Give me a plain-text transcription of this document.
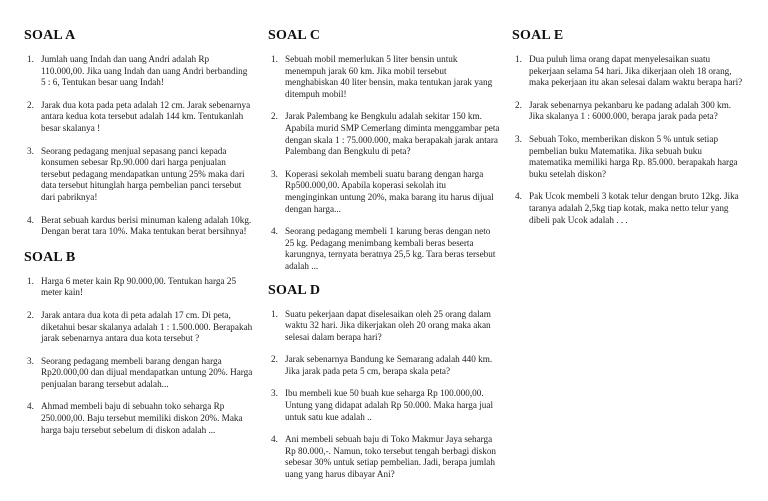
SOAL A
1. Jumlah uang Indah dan uang Andri adalah Rp 110.000,00. Jika uang Indah dan uang Andri berbanding 5 : 6, Tentukan besar uang Indah!
2. Jarak dua kota pada peta adalah 12 cm. Jarak sebenarnya antara kedua kota tersebut adalah 144 km. Tentukanlah besar skalanya !
3. Seorang pedagang menjual sepasang panci kepada konsumen sebesar Rp.90.000 dari harga penjualan tersebut pedagang mendapatkan untung 25% maka dari data tersebut hitunglah harga pembelian panci tersebut dari pabriknya!
4. Berat sebuah kardus berisi minuman kaleng adalah 10kg. Dengan berat tara 10%. Maka tentukan berat bersihnya!
SOAL B
1. Harga 6 meter kain Rp 90.000,00. Tentukan harga 25 meter kain!
2. Jarak antara dua kota di peta adalah 17 cm. Di peta, diketahui besar skalanya adalah 1 : 1.500.000. Berapakah jarak sebenarnya antara dua kota tersebut ?
3. Seorang pedagang membeli barang dengan harga Rp20.000,00 dan dijual mendapatkan untung 20%. Harga penjualan barang tersebut adalah...
4. Ahmad membeli baju di sebuahn toko seharga Rp 250.000,00. Baju tersebut memiliki diskon 20%. Maka harga baju tersebut sebelum di diskon adalah ...
SOAL C
1. Sebuah mobil memerlukan 5 liter bensin untuk menempuh jarak 60 km. Jika mobil tersebut menghabiskan 40 liter bensin, maka tentukan jarak yang ditempuh mobil!
2. Jarak Palembang ke Bengkulu adalah sekitar 150 km. Apabila murid SMP Cemerlang diminta menggambar peta dengan skala 1 : 75.000.000, maka berapakah jarak antara Palembang dan Bengkulu di peta?
3. Koperasi sekolah membeli suatu barang dengan harga Rp500.000,00. Apabila koperasi sekolah itu menginginkan untung 20%, maka barang itu harus dijual dengan harga...
4. Seorang pedagang membeli 1 karung beras dengan neto 25 kg. Pedagang menimbang kembali beras beserta karungnya, ternyata beratnya 25,5 kg. Tara beras tersebut adalah ...
SOAL D
1. Suatu pekerjaan dapat diselesaikan oleh 25 orang dalam waktu 32 hari. Jika dikerjakan oleh 20 orang maka akan selesai dalam berapa hari?
2. Jarak sebenarnya Bandung ke Semarang adalah 440 km. Jika jarak pada peta 5 cm, berapa skala peta?
3. Ibu membeli kue 50 buah kue seharga Rp 100.000,00. Untung yang didapat adalah Rp 50.000. Maka harga jual untuk satu kue adalah ..
4. Ani membeli sebuah baju di Toko Makmur Jaya seharga Rp 80.000,-. Namun, toko tersebut tengah berbagi diskon sebesar 30% untuk setiap pembelian. Jadi, berapa jumlah uang yang harus dibayar Ani?
SOAL E
1. Dua puluh lima orang dapat menyelesaikan suatu pekerjaan selama 54 hari. Jika dikerjaan oleh 18 orang, maka pekerjaan itu akan selesai dalam waktu berapa hari?
2. Jarak sebenarnya pekanbaru ke padang adalah 300 km. Jika skalanya 1 : 6000.000, berapa jarak pada peta?
3. Sebuah Toko, memberikan diskon 5 % untuk setiap pembelian buku Matematika. Jika sebuah buku matematika memiliki harga Rp. 85.000. berapakah harga buku setelah diskon?
4. Pak Ucok membeli 3 kotak telur dengan bruto 12kg. Jika taranya adalah 2,5kg tiap kotak, maka netto telur yang dibeli pak Ucok adalah . . .
